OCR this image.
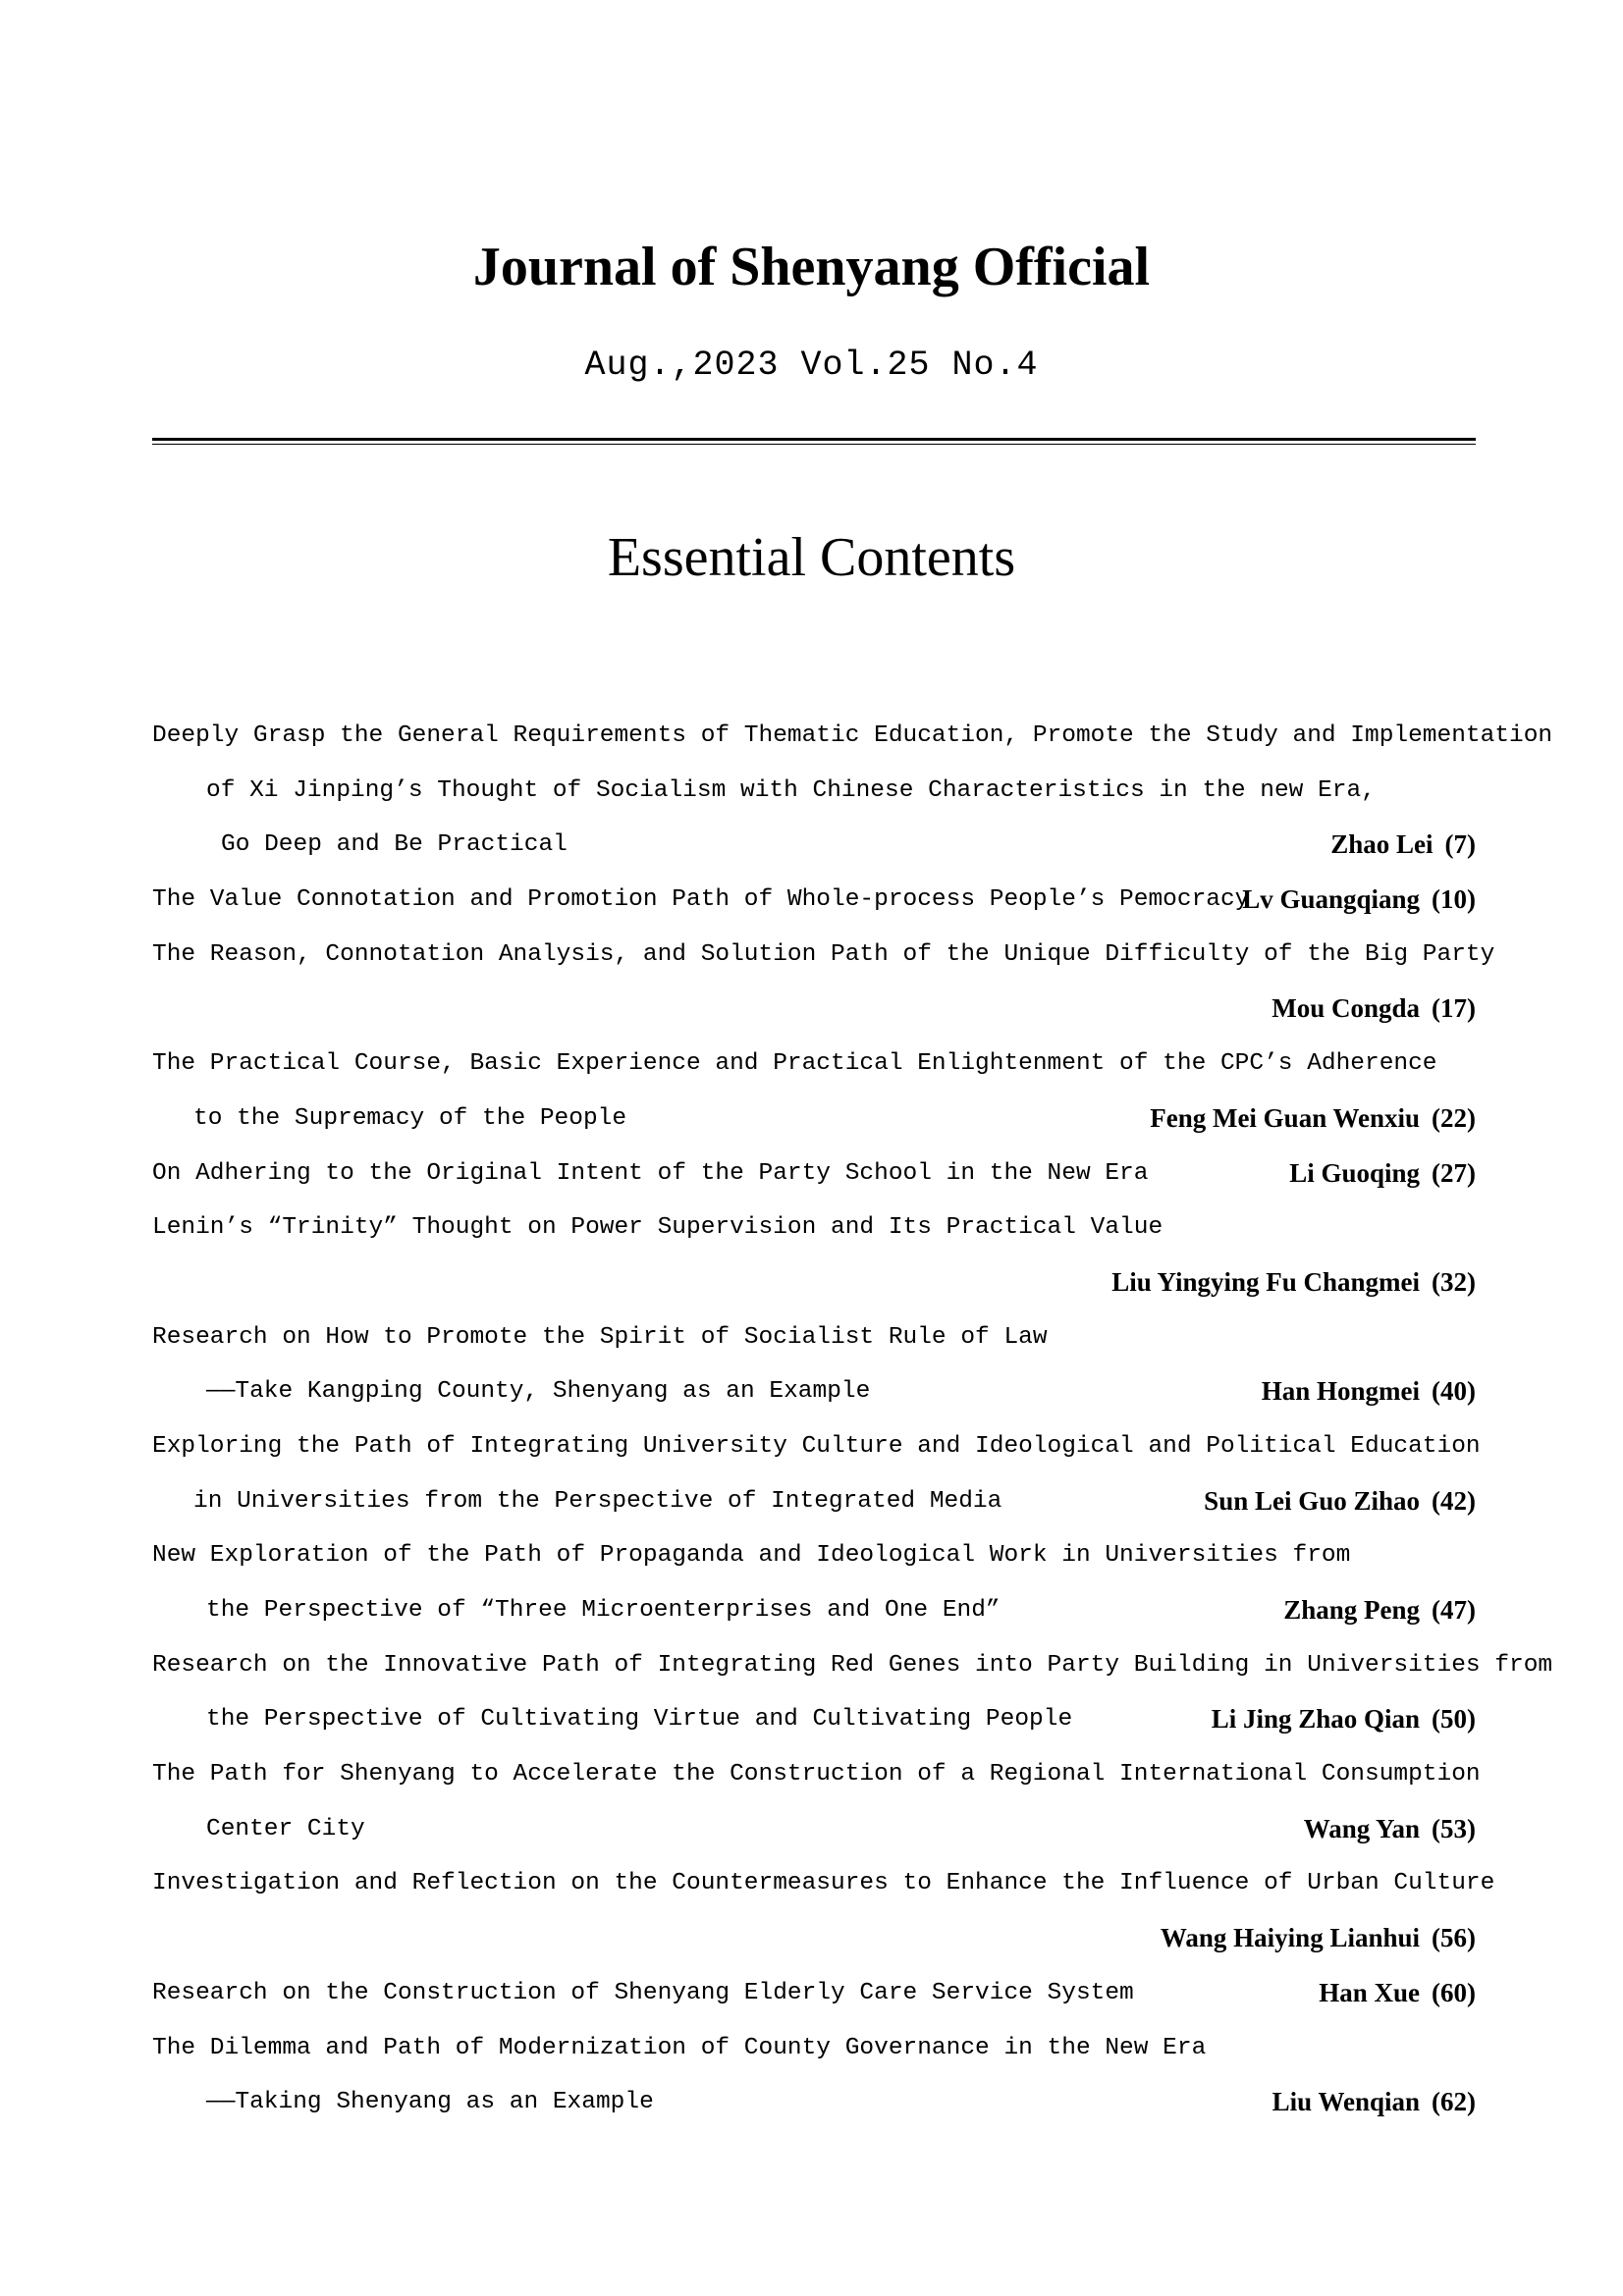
Journal of Shenyang Official
Aug.,2023 Vol.25 No.4
Essential Contents
Deeply Grasp the General Requirements of Thematic Education, Promote the Study and Implementation
of Xi Jinping’s Thought of Socialism with Chinese Characteristics in the new Era,
Go Deep and Be Practical	Zhao Lei (7)
The Value Connotation and Promotion Path of Whole-process People’s Pemocracy
Lv Guangqiang (10)
The Reason, Connotation Analysis, and Solution Path of the Unique Difficulty of the Big Party
Mou Congda (17)
The Practical Course, Basic Experience and Practical Enlightenment of the CPC’s Adherence
to the Supremacy of the People	Feng Mei Guan Wenxiu (22)
On Adhering to the Original Intent of the Party School in the New Era	Li Guoqing (27)
Lenin’s “Trinity” Thought on Power Supervision and Its Practical Value
Liu Yingying Fu Changmei (32)
Research on How to Promote the Spirit of Socialist Rule of Law
——Take Kangping County, Shenyang as an Example	Han Hongmei (40)
Exploring the Path of Integrating University Culture and Ideological and Political Education
in Universities from the Perspective of Integrated Media	Sun Lei Guo Zihao (42)
New Exploration of the Path of Propaganda and Ideological Work in Universities from
the Perspective of “Three Microenterprises and One End”	Zhang Peng (47)
Research on the Innovative Path of Integrating Red Genes into Party Building in Universities from
the Perspective of Cultivating Virtue and Cultivating People	Li Jing Zhao Qian (50)
The Path for Shenyang to Accelerate the Construction of a Regional International Consumption
Center City	Wang Yan (53)
Investigation and Reflection on the Countermeasures to Enhance the Influence of Urban Culture
Wang Haiying Lianhui (56)
Research on the Construction of Shenyang Elderly Care Service System	Han Xue (60)
The Dilemma and Path of Modernization of County Governance in the New Era
——Taking Shenyang as an Example	Liu Wenqian (62)
